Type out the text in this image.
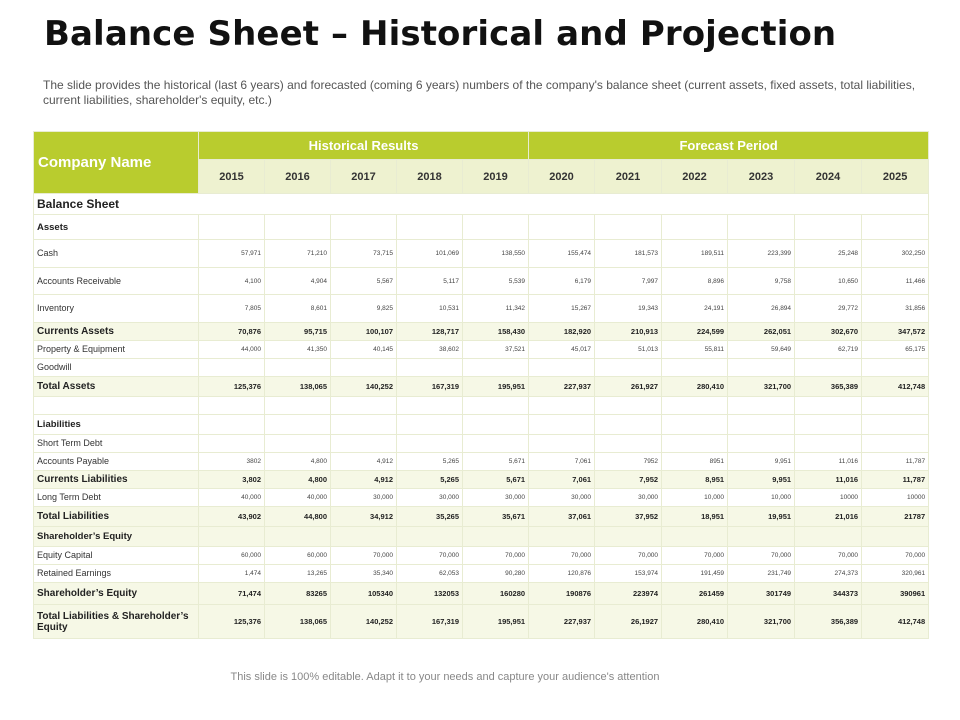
Balance Sheet – Historical and Projection
The slide provides the historical (last 6 years) and forecasted (coming 6 years) numbers of the company's balance sheet (current assets, fixed assets, total liabilities, current liabilities, shareholder's equity, etc.)
Company Name	Historical Results					Forecast Period					
	2015	2016	2017	2018	2019	2020	2021	2022	2023	2024	2025
Balance Sheet											
Assets											
Cash	57,971	71,210	73,715	101,069	138,550	155,474	181,573	189,511	223,399	25,248	302,250
Accounts Receivable	4,100	4,904	5,567	5,117	5,539	6,179	7,997	8,896	9,758	10,650	11,466
Inventory	7,805	8,601	9,825	10,531	11,342	15,267	19,343	24,191	26,894	29,772	31,856
Currents Assets	70,876	95,715	100,107	128,717	158,430	182,920	210,913	224,599	262,051	302,670	347,572
Property & Equipment	44,000	41,350	40,145	38,602	37,521	45,017	51,013	55,811	59,649	62,719	65,175
Goodwill											
Total Assets	125,376	138,065	140,252	167,319	195,951	227,937	261,927	280,410	321,700	365,389	412,748

Liabilities											
Short Term Debt											
Accounts Payable	3802	4,800	4,912	5,265	5,671	7,061	7952	8951	9,951	11,016	11,787
Currents Liabilities	3,802	4,800	4,912	5,265	5,671	7,061	7,952	8,951	9,951	11,016	11,787
Long Term Debt	40,000	40,000	30,000	30,000	30,000	30,000	30,000	10,000	10,000	10000	10000
Total Liabilities	43,902	44,800	34,912	35,265	35,671	37,061	37,952	18,951	19,951	21,016	21787
Shareholder’s Equity											
Equity Capital	60,000	60,000	70,000	70,000	70,000	70,000	70,000	70,000	70,000	70,000	70,000
Retained Earnings	1,474	13,265	35,340	62,053	90,280	120,876	153,974	191,459	231,749	274,373	320,961
Shareholder’s Equity	71,474	83265	105340	132053	160280	190876	223974	261459	301749	344373	390961
Total Liabilities & Shareholder’s Equity	125,376	138,065	140,252	167,319	195,951	227,937	26,1927	280,410	321,700	356,389	412,748
This slide is 100% editable. Adapt it to your needs and capture your audience's attention
